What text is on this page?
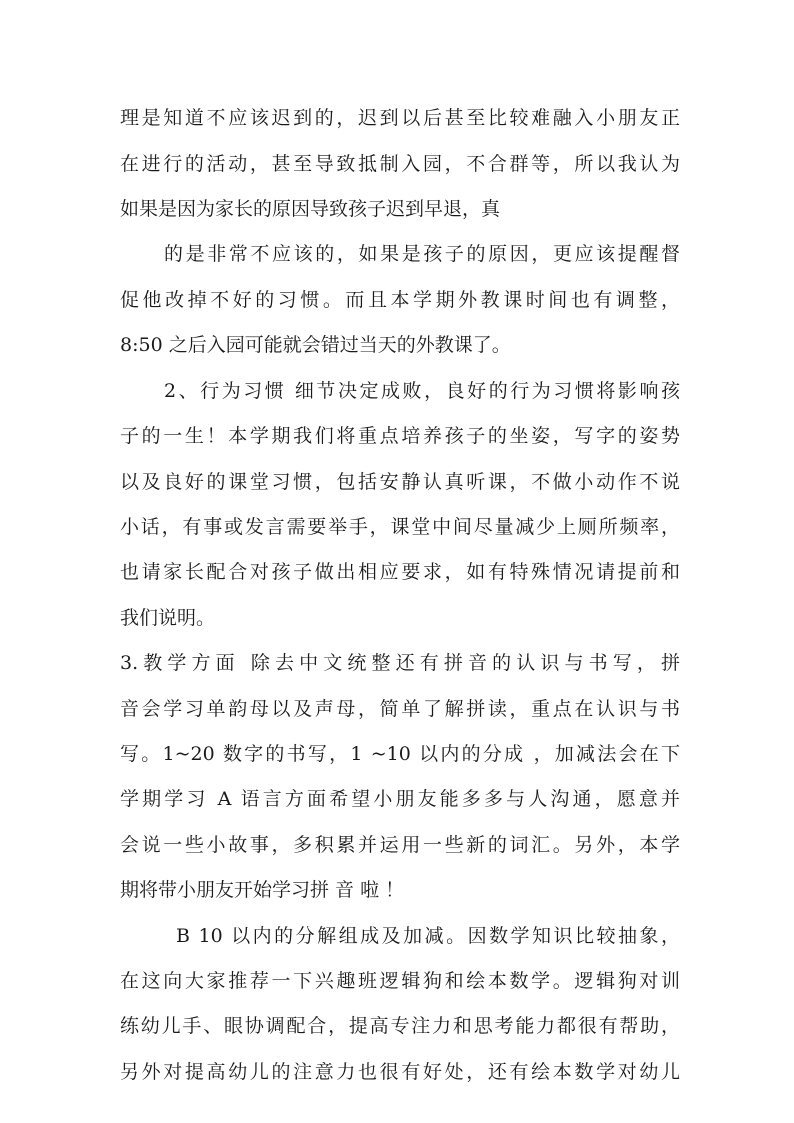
理是知道不应该迟到的，迟到以后甚至比较难融入小朋友正
在进行的活动，甚至导致抵制入园，不合群等，所以我认为
如果是因为家长的原因导致孩子迟到早退，真
的是非常不应该的，如果是孩子的原因，更应该提醒督
促他改掉不好的习惯。而且本学期外教课时间也有调整，
8:50 之后入园可能就会错过当天的外教课了。
2、行为习惯 细节决定成败，良好的行为习惯将影响孩
子的一生！本学期我们将重点培养孩子的坐姿，写字的姿势
以及良好的课堂习惯，包括安静认真听课，不做小动作不说
小话，有事或发言需要举手，课堂中间尽量减少上厕所频率，
也请家长配合对孩子做出相应要求，如有特殊情况请提前和
我们说明。
3.教学方面 除去中文统整还有拼音的认识与书写，拼
音会学习单韵母以及声母，简单了解拼读，重点在认识与书
写。1~20 数字的书写，1 ~10 以内的分成 ，加减法会在下
学期学习 A 语言方面希望小朋友能多多与人沟通，愿意并
会说一些小故事，多积累并运用一些新的词汇。另外，本学
期将带小朋友开始学习拼 音 啦 ！
B 10 以内的分解组成及加减。因数学知识比较抽象，
在这向大家推荐一下兴趣班逻辑狗和绘本数学。逻辑狗对训
练幼儿手、眼协调配合，提高专注力和思考能力都很有帮助，
另外对提高幼儿的注意力也很有好处，还有绘本数学对幼儿
